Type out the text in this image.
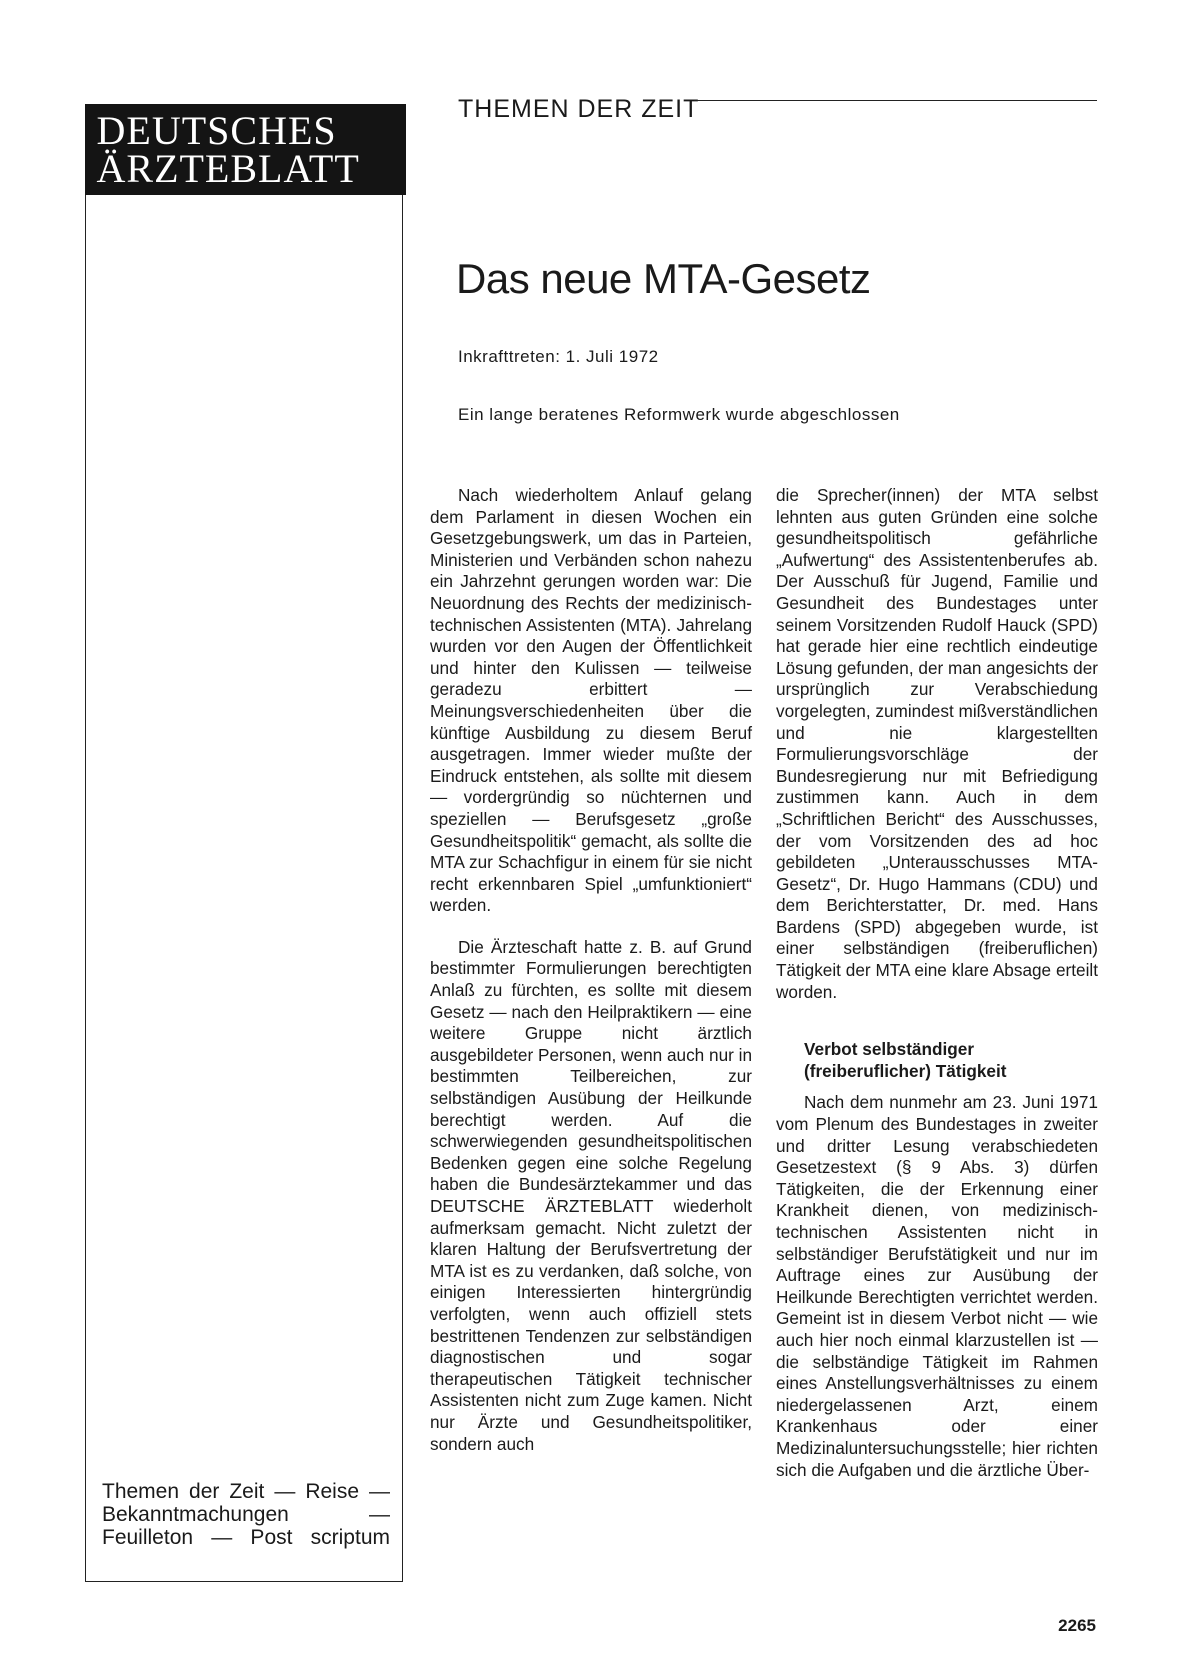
DEUTSCHES
ÄRZTEBLATT
Themen der Zeit — Reise — Bekanntmachungen — Feuilleton — Post scriptum
THEMEN DER ZEIT
Das neue MTA-Gesetz
Inkrafttreten: 1. Juli 1972
Ein lange beratenes Reformwerk wurde abgeschlossen

Nach wiederholtem Anlauf gelang dem Parlament in diesen Wochen ein Gesetzgebungswerk, um das in Parteien, Ministerien und Verbänden schon nahezu ein Jahrzehnt gerungen worden war: Die Neuordnung des Rechts der medizinisch-technischen Assistenten (MTA). Jahrelang wurden vor den Augen der Öffentlichkeit und hinter den Kulissen — teilweise geradezu erbittert — Meinungsverschiedenheiten über die künftige Ausbildung zu diesem Beruf ausgetragen. Immer wieder mußte der Eindruck entstehen, als sollte mit diesem — vordergründig so nüchternen und speziellen — Berufsgesetz „große Gesundheitspolitik“ gemacht, als sollte die MTA zur Schachfigur in einem für sie nicht recht erkennbaren Spiel „umfunktioniert“ werden.

Die Ärzteschaft hatte z. B. auf Grund bestimmter Formulierungen berechtigten Anlaß zu fürchten, es sollte mit diesem Gesetz — nach den Heilpraktikern — eine weitere Gruppe nicht ärztlich ausgebildeter Personen, wenn auch nur in bestimmten Teilbereichen, zur selbständigen Ausübung der Heilkunde berechtigt werden. Auf die schwerwiegenden gesundheitspolitischen Bedenken gegen eine solche Regelung haben die Bundesärztekammer und das DEUTSCHE ÄRZTEBLATT wiederholt aufmerksam gemacht. Nicht zuletzt der klaren Haltung der Berufsvertretung der MTA ist es zu verdanken, daß solche, von einigen Interessierten hintergründig verfolgten, wenn auch offiziell stets bestrittenen Tendenzen zur selbständigen diagnostischen und sogar therapeutischen Tätigkeit technischer Assistenten nicht zum Zuge kamen. Nicht nur Ärzte und Gesundheitspolitiker, sondern auch

die Sprecher(innen) der MTA selbst lehnten aus guten Gründen eine solche gesundheitspolitisch gefährliche „Aufwertung“ des Assistentenberufes ab. Der Ausschuß für Jugend, Familie und Gesundheit des Bundestages unter seinem Vorsitzenden Rudolf Hauck (SPD) hat gerade hier eine rechtlich eindeutige Lösung gefunden, der man angesichts der ursprünglich zur Verabschiedung vorgelegten, zumindest mißverständlichen und nie klargestellten Formulierungsvorschläge der Bundesregierung nur mit Befriedigung zustimmen kann. Auch in dem „Schriftlichen Bericht“ des Ausschusses, der vom Vorsitzenden des ad hoc gebildeten „Unterausschusses MTA-Gesetz“, Dr. Hugo Hammans (CDU) und dem Berichterstatter, Dr. med. Hans Bardens (SPD) abgegeben wurde, ist einer selbständigen (freiberuflichen) Tätigkeit der MTA eine klare Absage erteilt worden.

Verbot selbständiger (freiberuflicher) Tätigkeit

Nach dem nunmehr am 23. Juni 1971 vom Plenum des Bundestages in zweiter und dritter Lesung verabschiedeten Gesetzestext (§ 9 Abs. 3) dürfen Tätigkeiten, die der Erkennung einer Krankheit dienen, von medizinisch-technischen Assistenten nicht in selbständiger Berufstätigkeit und nur im Auftrage eines zur Ausübung der Heilkunde Berechtigten verrichtet werden. Gemeint ist in diesem Verbot nicht — wie auch hier noch einmal klarzustellen ist — die selbständige Tätigkeit im Rahmen eines Anstellungsverhältnisses zu einem niedergelassenen Arzt, einem Krankenhaus oder einer Medizinaluntersuchungsstelle; hier richten sich die Aufgaben und die ärztliche Über-

2265
